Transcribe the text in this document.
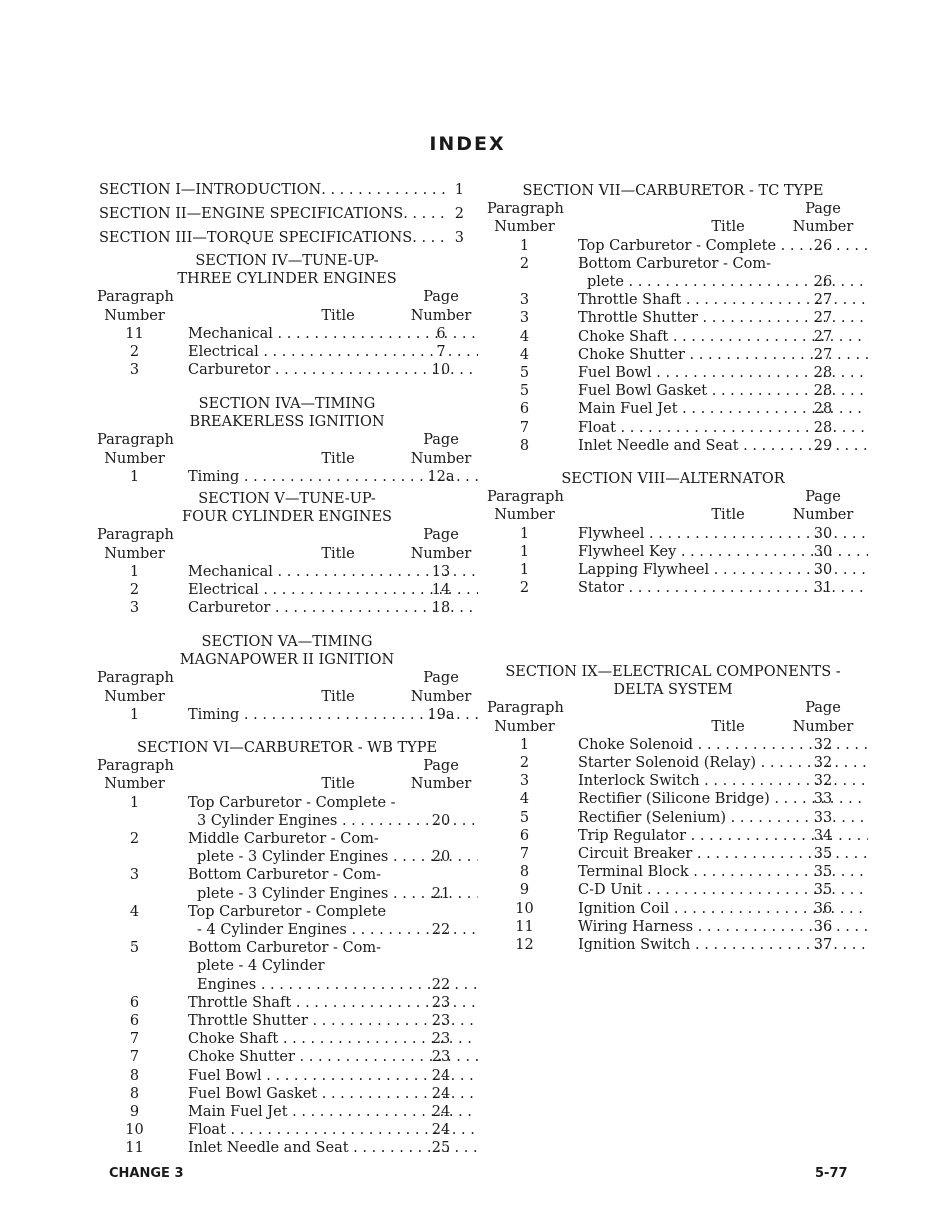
INDEX
SECTION I—INTRODUCTION . . .	1
SECTION II—ENGINE SPECIFICATIONS . . .	2
SECTION III—TORQUE SPECIFICATIONS . . .	3
SECTION IV—TUNE-UP-
THREE CYLINDER ENGINES
Paragraph	Page
Number	Title	Number
11	Mechanical . . .	6
2	Electrical . . .	7
3	Carburetor . . .	10
SECTION IVA—TIMING
BREAKERLESS IGNITION
Paragraph	Page
Number	Title	Number
1	Timing . . .	12a
SECTION V—TUNE-UP-
FOUR CYLINDER ENGINES
Paragraph	Page
Number	Title	Number
1	Mechanical . . .	13
2	Electrical . . .	14
3	Carburetor . . .	18
SECTION VA—TIMING
MAGNAPOWER II IGNITION
Paragraph	Page
Number	Title	Number
1	Timing . . .	19a
SECTION VI—CARBURETOR - WB TYPE
Paragraph	Page
Number	Title	Number
1	Top Carburetor - Complete -
3 Cylinder Engines . . .	20
2	Middle Carburetor - Com-
plete - 3 Cylinder Engines . . .	20
3	Bottom Carburetor - Com-
plete - 3 Cylinder Engines . . .	21
4	Top Carburetor - Complete
- 4 Cylinder Engines . . .	22
5	Bottom Carburetor - Com-
plete - 4 Cylinder
Engines . . .	22
6	Throttle Shaft . . .	23
6	Throttle Shutter . . .	23
7	Choke Shaft . . .	23
7	Choke Shutter . . .	23
8	Fuel Bowl . . .	24
8	Fuel Bowl Gasket . . .	24
9	Main Fuel Jet . . .	24
10	Float . . .	24
11	Inlet Needle and Seat . . .	25
SECTION VII—CARBURETOR - TC TYPE
Paragraph	Page
Number	Title	Number
1	Top Carburetor - Complete . . .	26
2	Bottom Carburetor - Com-
plete . . .	26
3	Throttle Shaft . . .	27
3	Throttle Shutter . . .	27
4	Choke Shaft . . .	27
4	Choke Shutter . . .	27
5	Fuel Bowl . . .	28
5	Fuel Bowl Gasket . . .	28
6	Main Fuel Jet . . .	28
7	Float . . .	28
8	Inlet Needle and Seat . . .	29
SECTION VIII—ALTERNATOR
Paragraph	Page
Number	Title	Number
1	Flywheel . . .	30
1	Flywheel Key . . .	30
1	Lapping Flywheel . . .	30
2	Stator . . .	31
SECTION IX—ELECTRICAL COMPONENTS -
DELTA SYSTEM
Paragraph	Page
Number	Title	Number
1	Choke Solenoid . . .	32
2	Starter Solenoid (Relay) . . .	32
3	Interlock Switch . . .	32
4	Rectifier (Silicone Bridge) . . .	33
5	Rectifier (Selenium) . . .	33
6	Trip Regulator . . .	34
7	Circuit Breaker . . .	35
8	Terminal Block . . .	35
9	C-D Unit . . .	35
10	Ignition Coil . . .	36
11	Wiring Harness . . .	36
12	Ignition Switch . . .	37
CHANGE 3	5-77
